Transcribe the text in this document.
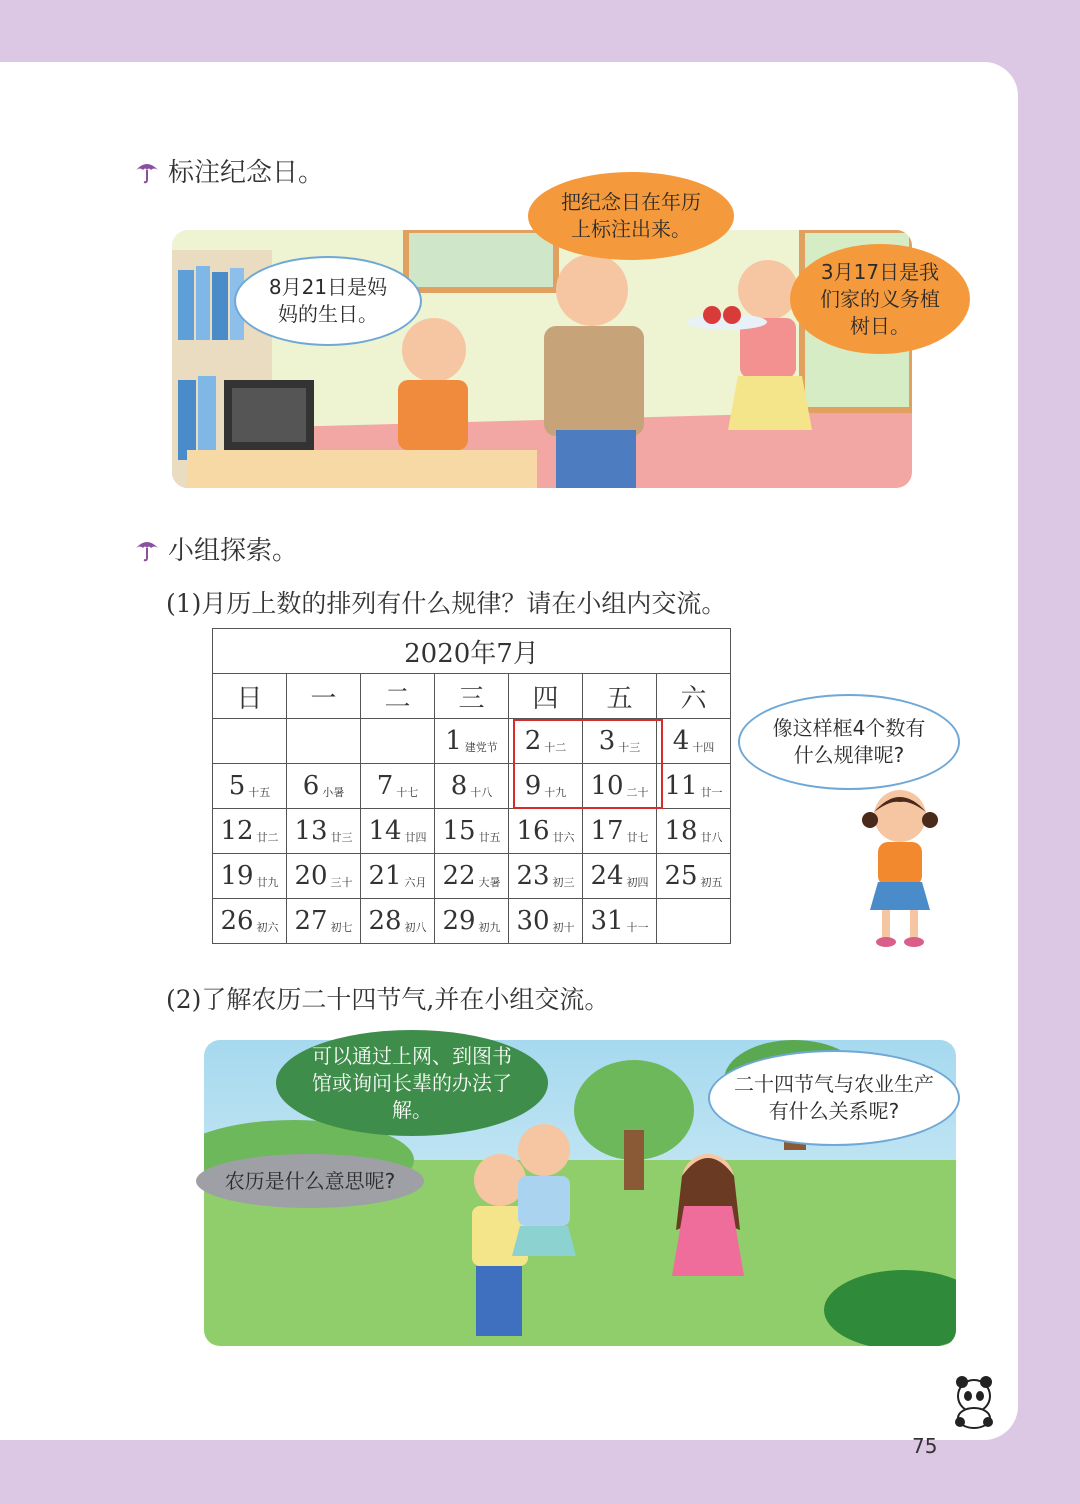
标注纪念日。
8月21日是妈妈的生日。
把纪念日在年历上标注出来。
3月17日是我们家的义务植树日。
小组探索。
(1)月历上数的排列有什么规律？请在小组内交流。
2020年7月						
日	一	二	三	四	五	六
			1 建党节	2 十二	3 十三	4 十四
5 十五	6 小暑	7 十七	8 十八	9 十九	10 二十	11 廿一
12 廿二	13 廿三	14 廿四	15 廿五	16 廿六	17 廿七	18 廿八
19 廿九	20 三十	21 六月	22 大暑	23 初三	24 初四	25 初五
26 初六	27 初七	28 初八	29 初九	30 初十	31 十一	
像这样框4个数有什么规律呢?
(2)了解农历二十四节气,并在小组交流。
可以通过上网、到图书馆或询问长辈的办法了解。
农历是什么意思呢?
二十四节气与农业生产有什么关系呢?
75
